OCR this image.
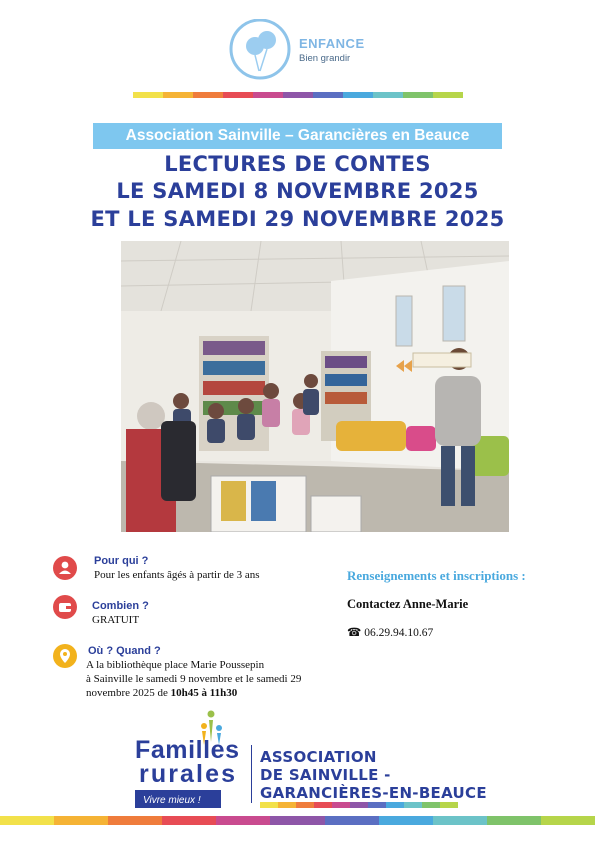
ENFANCE
Bien grandir
Association Sainville – Garancières en Beauce
LECTURES DE CONTES
LE SAMEDI 8 NOVEMBRE 2025
ET LE SAMEDI 29 NOVEMBRE 2025
Pour qui ?
Pour les enfants âgés à partir de 3 ans
Combien ?
GRATUIT
Où ? Quand ?
A la bibliothèque place Marie Poussepin
à Sainville le samedi 9 novembre et le samedi 29
novembre 2025 de 10h45 à 11h30
Renseignements et inscriptions :
Contactez Anne-Marie
☎ 06.29.94.10.67
Familles
rurales
Vivre mieux !
ASSOCIATION
DE SAINVILLE -
GARANCIÈRES-EN-BEAUCE
